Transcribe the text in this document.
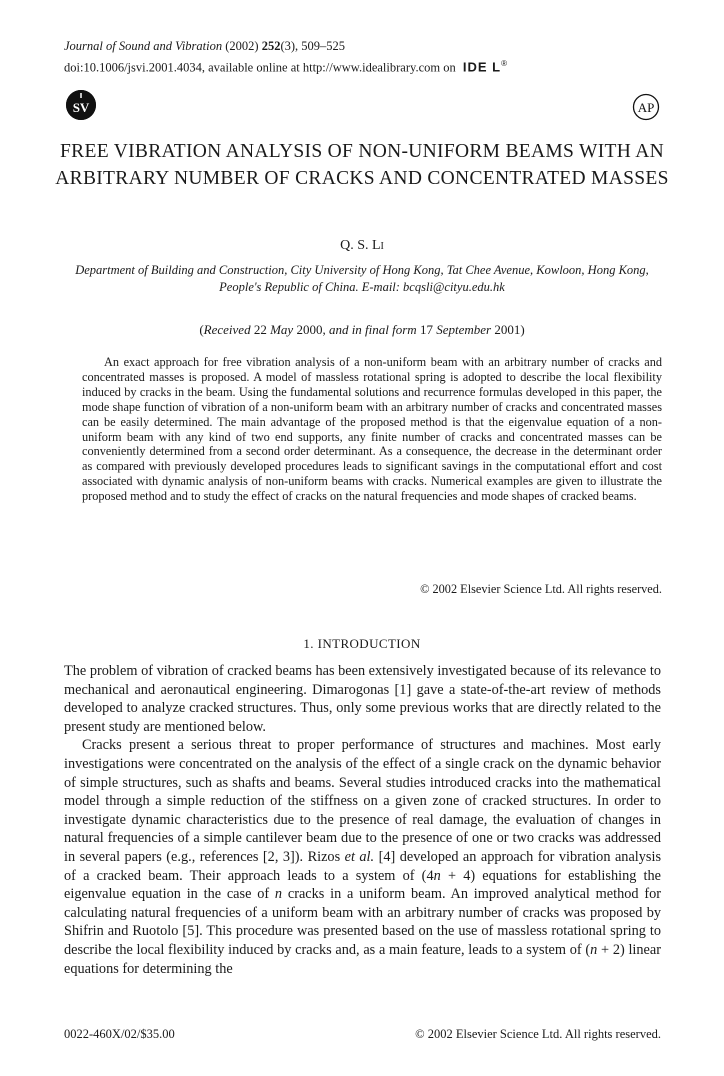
Journal of Sound and Vibration (2002) 252(3), 509–525
doi:10.1006/jsvi.2001.4034, available online at http://www.idealibrary.com on IDE L®
SV	AP
FREE VIBRATION ANALYSIS OF NON-UNIFORM BEAMS WITH AN ARBITRARY NUMBER OF CRACKS AND CONCENTRATED MASSES
Q. S. Li
Department of Building and Construction, City University of Hong Kong, Tat Chee Avenue, Kowloon, Hong Kong, People's Republic of China. E-mail: bcqsli@cityu.edu.hk
(Received 22 May 2000, and in final form 17 September 2001)
An exact approach for free vibration analysis of a non-uniform beam with an arbitrary number of cracks and concentrated masses is proposed. A model of massless rotational spring is adopted to describe the local flexibility induced by cracks in the beam. Using the fundamental solutions and recurrence formulas developed in this paper, the mode shape function of vibration of a non-uniform beam with an arbitrary number of cracks and concentrated masses can be easily determined. The main advantage of the proposed method is that the eigenvalue equation of a non-uniform beam with any kind of two end supports, any finite number of cracks and concentrated masses can be conveniently determined from a second order determinant. As a consequence, the decrease in the determinant order as compared with previously developed procedures leads to significant savings in the computational effort and cost associated with dynamic analysis of non-uniform beams with cracks. Numerical examples are given to illustrate the proposed method and to study the effect of cracks on the natural frequencies and mode shapes of cracked beams.
© 2002 Elsevier Science Ltd. All rights reserved.
1. INTRODUCTION

The problem of vibration of cracked beams has been extensively investigated because of its relevance to mechanical and aeronautical engineering. Dimarogonas [1] gave a state-of-the-art review of methods developed to analyze cracked structures. Thus, only some previous works that are directly related to the present study are mentioned below.

Cracks present a serious threat to proper performance of structures and machines. Most early investigations were concentrated on the analysis of the effect of a single crack on the dynamic behavior of simple structures, such as shafts and beams. Several studies introduced cracks into the mathematical model through a simple reduction of the stiffness on a given zone of cracked structures. In order to investigate dynamic characteristics due to the presence of real damage, the evaluation of changes in natural frequencies of a simple cantilever beam due to the presence of one or two cracks was addressed in several papers (e.g., references [2, 3]). Rizos et al. [4] developed an approach for vibration analysis of a cracked beam. Their approach leads to a system of (4n + 4) equations for establishing the eigenvalue equation in the case of n cracks in a uniform beam. An improved analytical method for calculating natural frequencies of a uniform beam with an arbitrary number of cracks was proposed by Shifrin and Ruotolo [5]. This procedure was presented based on the use of massless rotational spring to describe the local flexibility induced by cracks and, as a main feature, leads to a system of (n + 2) linear equations for determining the

0022-460X/02/$35.00	© 2002 Elsevier Science Ltd. All rights reserved.
